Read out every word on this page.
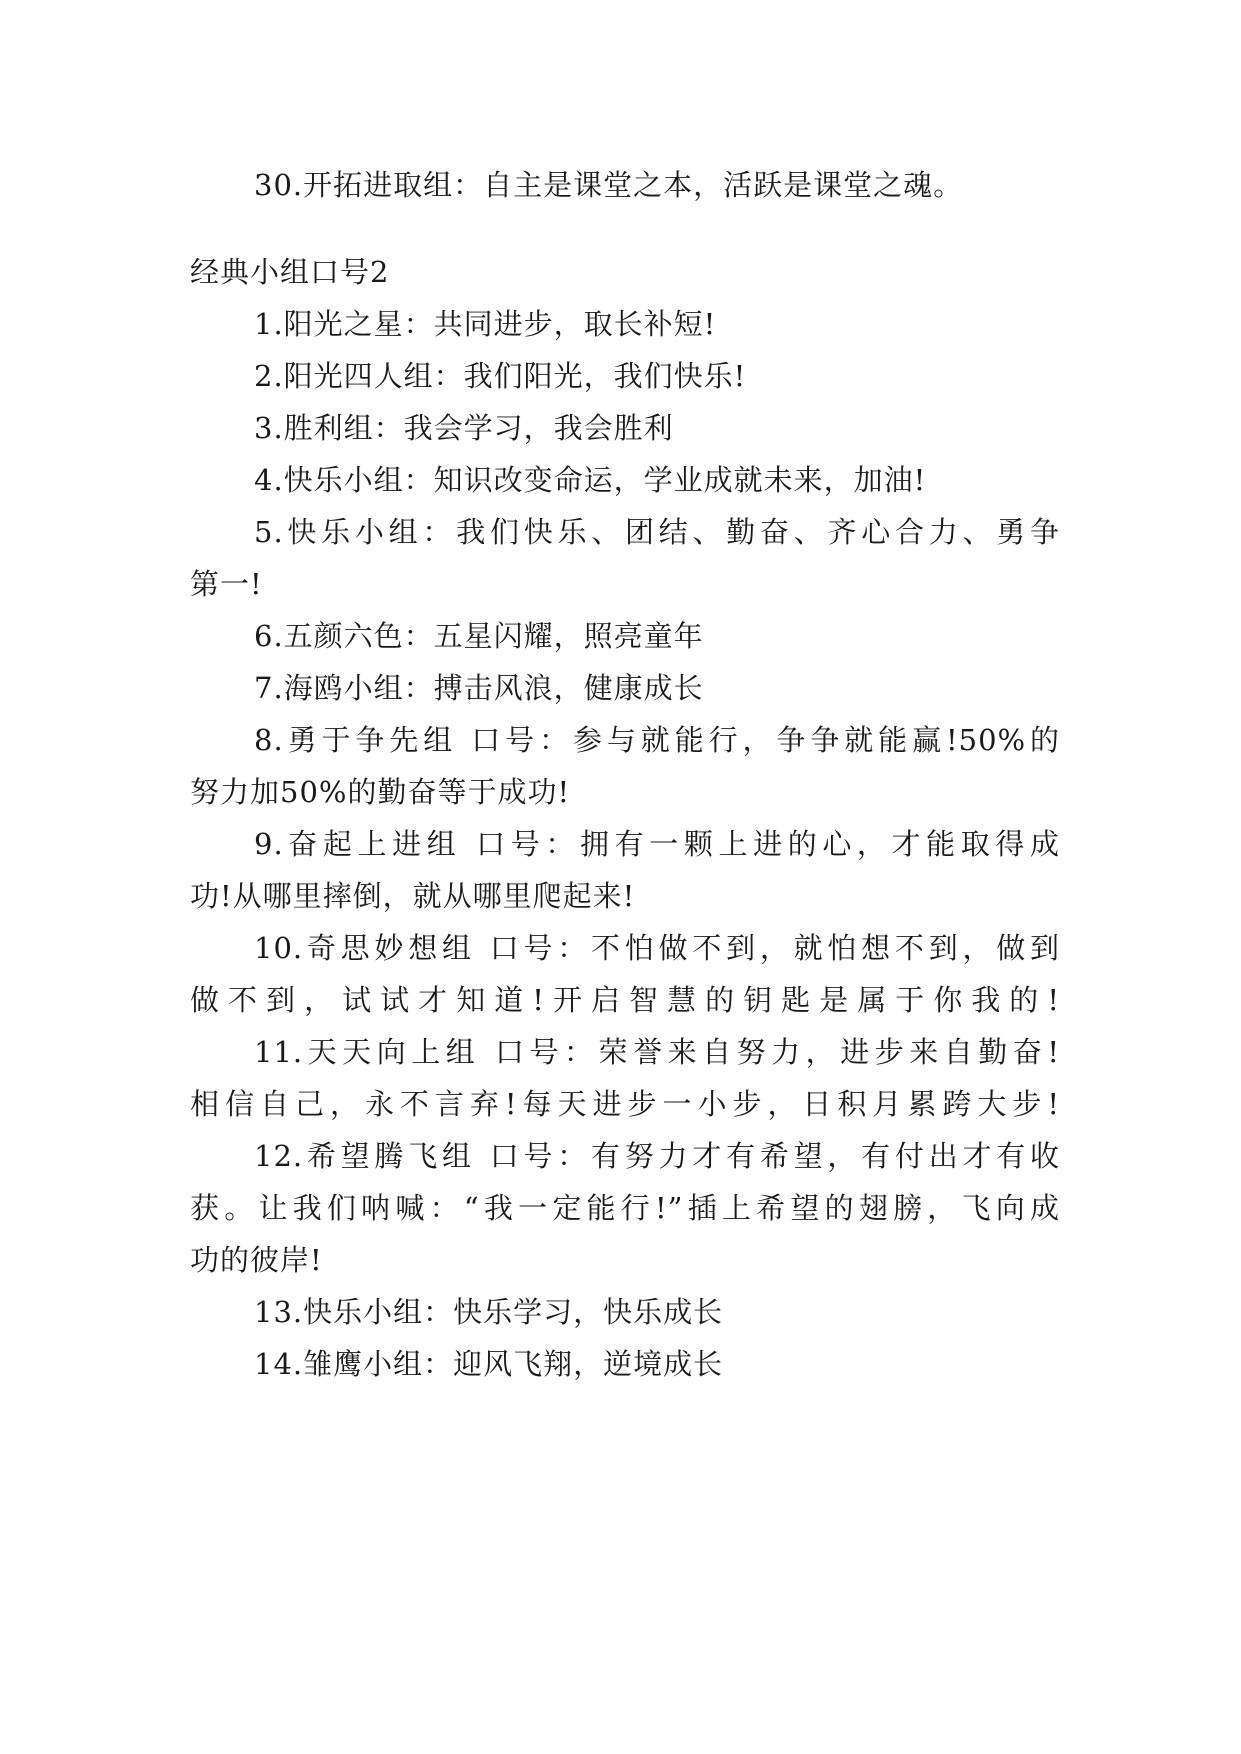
30.开拓进取组：自主是课堂之本，活跃是课堂之魂。
经典小组口号2
1.阳光之星：共同进步，取长补短!
2.阳光四人组：我们阳光，我们快乐!
3.胜利组：我会学习，我会胜利
4.快乐小组：知识改变命运，学业成就未来，加油!
5.快乐小组：我们快乐、团结、勤奋、齐心合力、勇争
第一!
6.五颜六色：五星闪耀，照亮童年
7.海鸥小组：搏击风浪，健康成长
8.勇于争先组 口号：参与就能行，争争就能赢!50%的
努力加50%的勤奋等于成功!
9.奋起上进组 口号：拥有一颗上进的心，才能取得成
功!从哪里摔倒，就从哪里爬起来!
10.奇思妙想组 口号：不怕做不到，就怕想不到，做到
做不到，试试才知道!开启智慧的钥匙是属于你我的!
11.天天向上组 口号：荣誉来自努力，进步来自勤奋!
相信自己，永不言弃!每天进步一小步，日积月累跨大步!
12.希望腾飞组 口号：有努力才有希望，有付出才有收
获。让我们呐喊：“我一定能行!”插上希望的翅膀，飞向成
功的彼岸!
13.快乐小组：快乐学习，快乐成长
14.雏鹰小组：迎风飞翔，逆境成长
